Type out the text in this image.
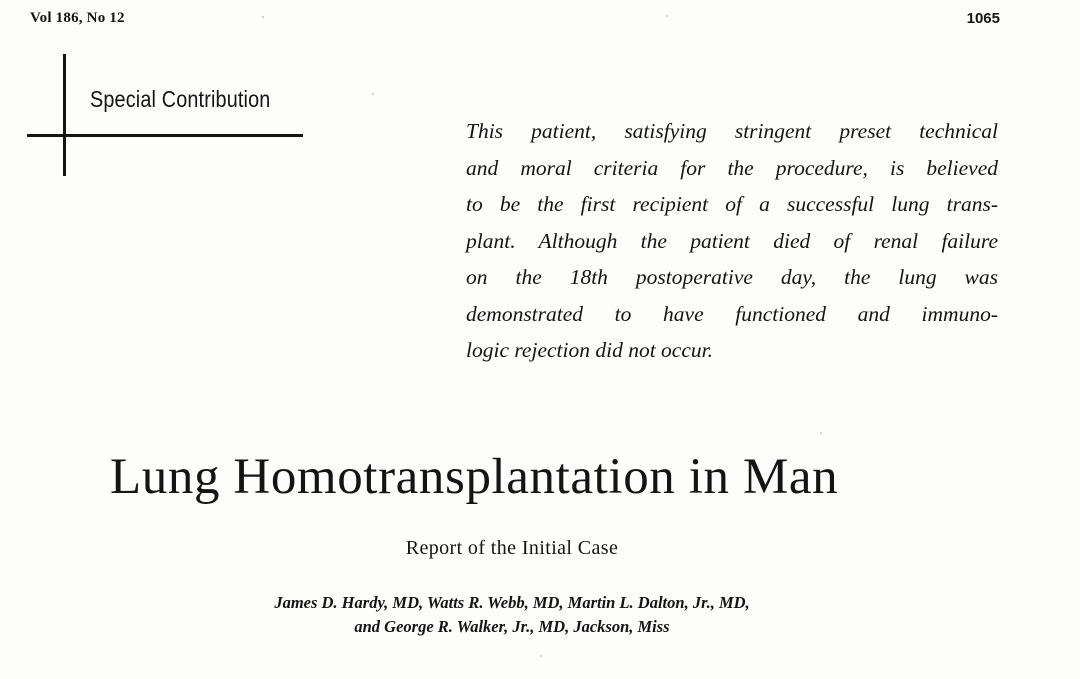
Vol 186, No 12	1065
Special Contribution
This patient, satisfying stringent preset technical
and moral criteria for the procedure, is believed
to be the first recipient of a successful lung trans-
plant. Although the patient died of renal failure
on the 18th postoperative day, the lung was
demonstrated to have functioned and immuno-
logic rejection did not occur.
Lung Homotransplantation in Man
Report of the Initial Case
James D. Hardy, MD, Watts R. Webb, MD, Martin L. Dalton, Jr., MD,
and George R. Walker, Jr., MD, Jackson, Miss
